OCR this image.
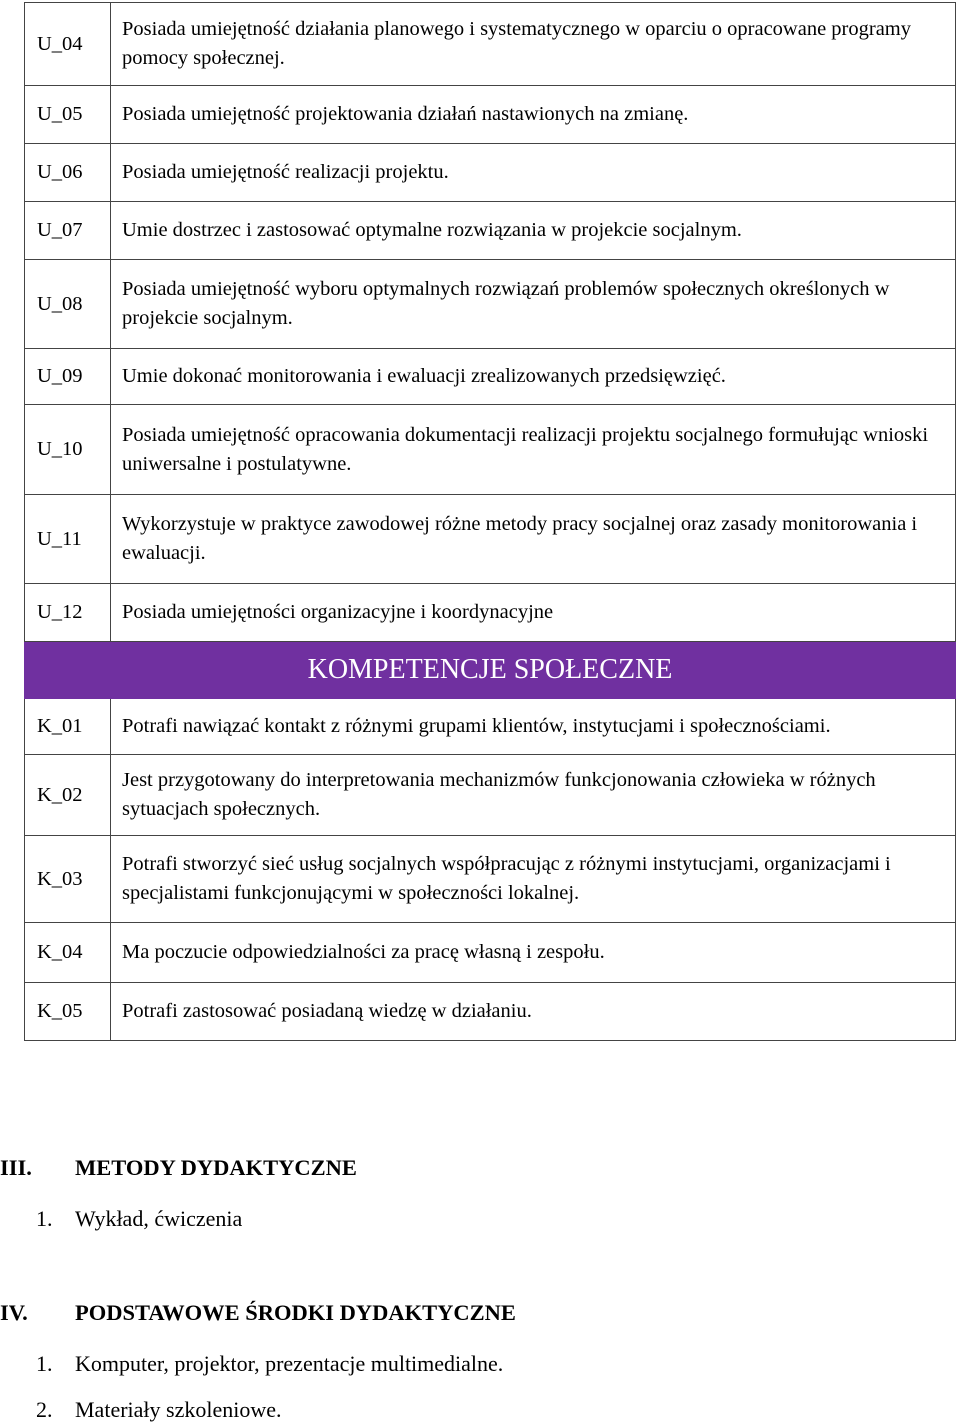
U_04	Posiada umiejętność działania planowego i systematycznego w oparciu o opracowane programy pomocy społecznej.
U_05	Posiada umiejętność projektowania działań nastawionych na zmianę.
U_06	Posiada umiejętność realizacji projektu.
U_07	Umie dostrzec i zastosować optymalne rozwiązania w projekcie socjalnym.
U_08	Posiada umiejętność wyboru optymalnych rozwiązań problemów społecznych określonych w projekcie socjalnym.
U_09	Umie dokonać monitorowania i ewaluacji zrealizowanych przedsięwzięć.
U_10	Posiada umiejętność opracowania dokumentacji realizacji projektu socjalnego formułując wnioski uniwersalne i postulatywne.
U_11	Wykorzystuje w praktyce zawodowej różne metody pracy socjalnej oraz zasady monitorowania i ewaluacji.
U_12	Posiada umiejętności organizacyjne i koordynacyjne
KOMPETENCJE SPOŁECZNE	
K_01	Potrafi nawiązać kontakt z różnymi grupami klientów, instytucjami i społecznościami.
K_02	Jest przygotowany do interpretowania mechanizmów funkcjonowania człowieka w różnych sytuacjach społecznych.
K_03	Potrafi stworzyć sieć usług socjalnych współpracując z różnymi instytucjami, organizacjami i specjalistami funkcjonującymi w społeczności lokalnej.
K_04	Ma poczucie odpowiedzialności za pracę własną i zespołu.
K_05	Potrafi zastosować posiadaną wiedzę w działaniu.
III.	METODY DYDAKTYCZNE
1. Wykład, ćwiczenia
IV.	PODSTAWOWE ŚRODKI DYDAKTYCZNE
1. Komputer, projektor, prezentacje multimedialne.
2. Materiały szkoleniowe.
